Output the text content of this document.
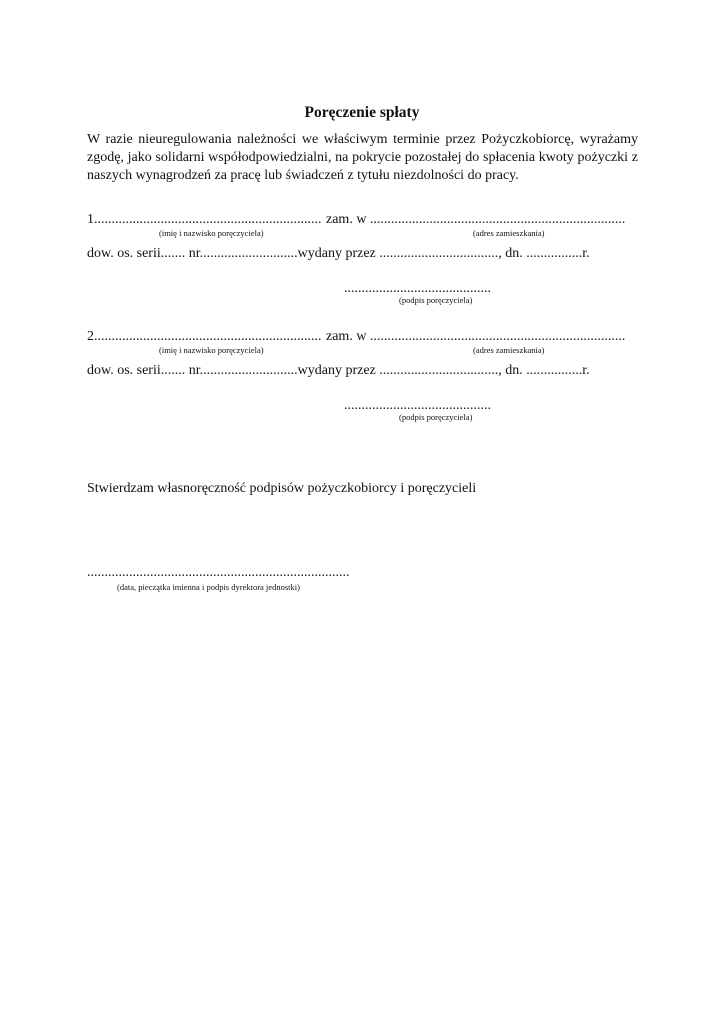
Poręczenie spłaty
W razie nieuregulowania należności we właściwym terminie przez Pożyczkobiorcę, wyrażamy zgodę, jako solidarni współodpowiedzialni, na pokrycie pozostałej do spłacenia kwoty pożyczki z naszych wynagrodzeń za pracę lub świadczeń z tytułu niezdolności do pracy.
1................................................................. zam. w .........................................................................
(imię i nazwisko poręczyciela)	(adres zamieszkania)
dow. os. serii....... nr............................wydany przez .................................., dn. ................r.
..........................................
(podpis poręczyciela)
2................................................................. zam. w .........................................................................
(imię i nazwisko poręczyciela)	(adres zamieszkania)
dow. os. serii....... nr............................wydany przez .................................., dn. ................r.
..........................................
(podpis poręczyciela)
Stwierdzam własnoręczność podpisów pożyczkobiorcy i poręczycieli
...........................................................................
(data, pieczątka imienna i podpis dyrektora jednostki)
